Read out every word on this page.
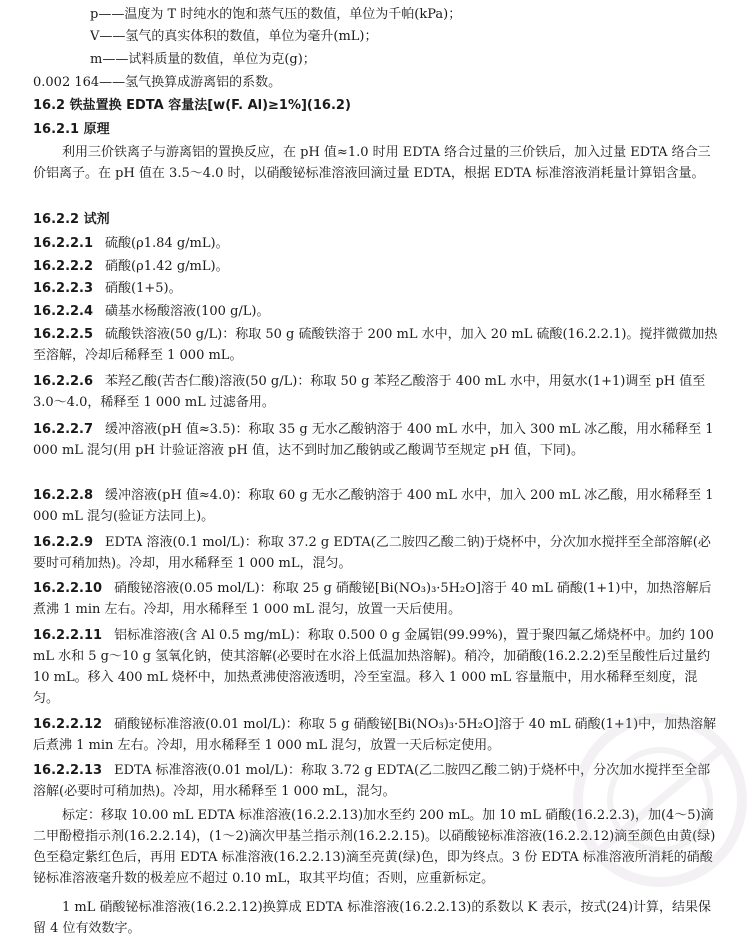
p——温度为 T 时纯水的饱和蒸气压的数值，单位为千帕(kPa)；
V——氢气的真实体积的数值，单位为毫升(mL)；
m——试料质量的数值，单位为克(g)；
0.002 164——氢气换算成游离铝的系数。
16.2 铁盐置换 EDTA 容量法[w(F. Al)≥1%](16.2)
16.2.1 原理

利用三价铁离子与游离铝的置换反应，在 pH 值≈1.0 时用 EDTA 络合过量的三价铁后，加入过量 EDTA 络合三价铝离子。在 pH 值在 3.5～4.0 时，以硝酸铋标准溶液回滴过量 EDTA，根据 EDTA 标准溶液消耗量计算铝含量。

16.2.2 试剂

16.2.2.1 硫酸(ρ1.84 g/mL)。

16.2.2.2 硝酸(ρ1.42 g/mL)。

16.2.2.3 硝酸(1+5)。

16.2.2.4 磺基水杨酸溶液(100 g/L)。

16.2.2.5 硫酸铁溶液(50 g/L)：称取 50 g 硫酸铁溶于 200 mL 水中，加入 20 mL 硫酸(16.2.2.1)。搅拌微微加热至溶解，冷却后稀释至 1 000 mL。

16.2.2.6 苯羟乙酸(苦杏仁酸)溶液(50 g/L)：称取 50 g 苯羟乙酸溶于 400 mL 水中，用氨水(1+1)调至 pH 值至 3.0～4.0，稀释至 1 000 mL 过滤备用。

16.2.2.7 缓冲溶液(pH 值≈3.5)：称取 35 g 无水乙酸钠溶于 400 mL 水中，加入 300 mL 冰乙酸，用水稀释至 1 000 mL 混匀(用 pH 计验证溶液 pH 值，达不到时加乙酸钠或乙酸调节至规定 pH 值，下同)。

16.2.2.8 缓冲溶液(pH 值≈4.0)：称取 60 g 无水乙酸钠溶于 400 mL 水中，加入 200 mL 冰乙酸，用水稀释至 1 000 mL 混匀(验证方法同上)。

16.2.2.9 EDTA 溶液(0.1 mol/L)：称取 37.2 g EDTA(乙二胺四乙酸二钠)于烧杯中，分次加水搅拌至全部溶解(必要时可稍加热)。冷却，用水稀释至 1 000 mL，混匀。

16.2.2.10 硝酸铋溶液(0.05 mol/L)：称取 25 g 硝酸铋[Bi(NO₃)₃·5H₂O]溶于 40 mL 硝酸(1+1)中，加热溶解后煮沸 1 min 左右。冷却，用水稀释至 1 000 mL 混匀，放置一天后使用。

16.2.2.11 铝标准溶液(含 Al 0.5 mg/mL)：称取 0.500 0 g 金属铝(99.99%)，置于聚四氟乙烯烧杯中。加约 100 mL 水和 5 g～10 g 氢氧化钠，使其溶解(必要时在水浴上低温加热溶解)。稍冷，加硝酸(16.2.2.2)至呈酸性后过量约 10 mL。移入 400 mL 烧杯中，加热煮沸使溶液透明，冷至室温。移入 1 000 mL 容量瓶中，用水稀释至刻度，混匀。

16.2.2.12 硝酸铋标准溶液(0.01 mol/L)：称取 5 g 硝酸铋[Bi(NO₃)₃·5H₂O]溶于 40 mL 硝酸(1+1)中，加热溶解后煮沸 1 min 左右。冷却，用水稀释至 1 000 mL 混匀，放置一天后标定使用。

16.2.2.13 EDTA 标准溶液(0.01 mol/L)：称取 3.72 g EDTA(乙二胺四乙酸二钠)于烧杯中，分次加水搅拌至全部溶解(必要时可稍加热)。冷却，用水稀释至 1 000 mL，混匀。

标定：移取 10.00 mL EDTA 标准溶液(16.2.2.13)加水至约 200 mL。加 10 mL 硝酸(16.2.2.3)，加(4～5)滴二甲酚橙指示剂(16.2.2.14)，(1～2)滴次甲基兰指示剂(16.2.2.15)。以硝酸铋标准溶液(16.2.2.12)滴至颜色由黄(绿)色至稳定紫红色后，再用 EDTA 标准溶液(16.2.2.13)滴至亮黄(绿)色，即为终点。3 份 EDTA 标准溶液所消耗的硝酸铋标准溶液毫升数的极差应不超过 0.10 mL，取其平均值；否则，应重新标定。

1 mL 硝酸铋标准溶液(16.2.2.12)换算成 EDTA 标准溶液(16.2.2.13)的系数以 K 表示，按式(24)计算，结果保留 4 位有效数字。
